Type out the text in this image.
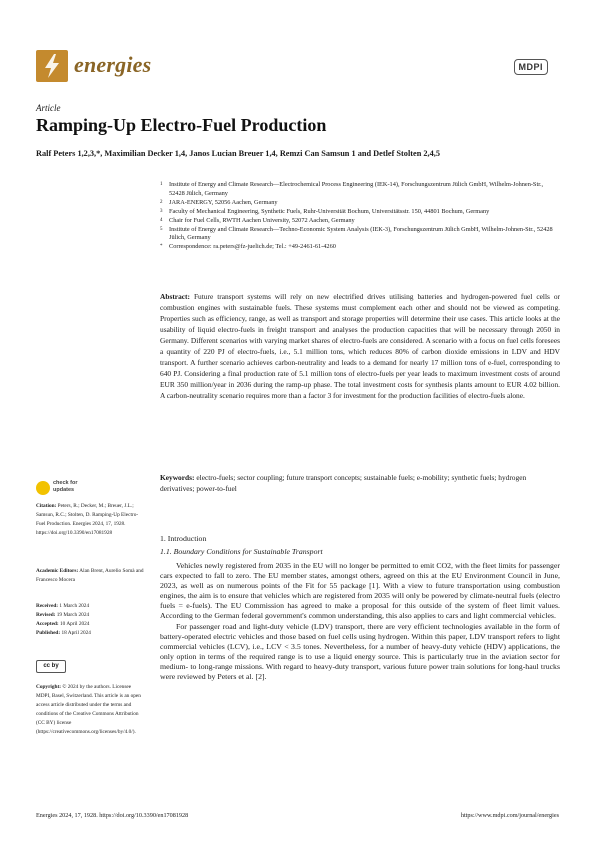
energies	MDPI
Article
Ramping-Up Electro-Fuel Production
Ralf Peters 1,2,3,*, Maximilian Decker 1,4, Janos Lucian Breuer 1,4, Remzi Can Samsun 1 and Detlef Stolten 2,4,5
1	Institute of Energy and Climate Research—Electrochemical Process Engineering (IEK-14), Forschungszentrum Jülich GmbH, Wilhelm-Johnen-Str., 52428 Jülich, Germany
2	JARA-ENERGY, 52056 Aachen, Germany
3	Faculty of Mechanical Engineering, Synthetic Fuels, Ruhr-Universität Bochum, Universitätsstr. 150, 44801 Bochum, Germany
4	Chair for Fuel Cells, RWTH Aachen University, 52072 Aachen, Germany
5	Institute of Energy and Climate Research—Techno-Economic System Analysis (IEK-3), Forschungszentrum Jülich GmbH, Wilhelm-Johnen-Str., 52428 Jülich, Germany
*	Correspondence: ra.peters@fz-juelich.de; Tel.: +49-2461-61-4260
Abstract: Future transport systems will rely on new electrified drives utilising batteries and hydrogen-powered fuel cells or combustion engines with sustainable fuels. These systems must complement each other and should not be viewed as competing. Properties such as efficiency, range, as well as transport and storage properties will determine their use cases. This article looks at the usability of liquid electro-fuels in freight transport and analyses the production capacities that will be necessary through 2050 in Germany. Different scenarios with varying market shares of electro-fuels are considered. A scenario with a focus on fuel cells foresees a quantity of 220 PJ of electro-fuels, i.e., 5.1 million tons, which reduces 80% of carbon dioxide emissions in LDV and HDV transport. A further scenario achieves carbon-neutrality and leads to a demand for nearly 17 million tons of e-fuel, corresponding to 640 PJ. Considering a final production rate of 5.1 million tons of electro-fuels per year leads to maximum investment costs of around EUR 350 million/year in 2036 during the ramp-up phase. The total investment costs for synthesis plants amount to EUR 4.02 billion. A carbon-neutrality scenario requires more than a factor 3 for investment for the production facilities of electro-fuels alone.
Keywords: electro-fuels; sector coupling; future transport concepts; sustainable fuels; e-mobility; synthetic fuels; hydrogen derivatives; power-to-fuel
check for
updates
Citation: Peters, R.; Decker, M.; Breuer, J.L.; Samsun, R.C.; Stolten, D. Ramping-Up Electro-Fuel Production. Energies 2024, 17, 1928. https://doi.org/10.3390/en17081928
Academic Editors: Alan Brent, Aurelio Somà and Francesco Mocera
Received: 1 March 2024
Revised: 19 March 2024
Accepted: 10 April 2024
Published: 18 April 2024
cc by
Copyright: © 2024 by the authors. Licensee MDPI, Basel, Switzerland. This article is an open access article distributed under the terms and conditions of the Creative Commons Attribution (CC BY) license (https://creativecommons.org/licenses/by/4.0/).
1. Introduction
1.1. Boundary Conditions for Sustainable Transport

Vehicles newly registered from 2035 in the EU will no longer be permitted to emit CO2, with the fleet limits for passenger cars expected to fall to zero. The EU member states, amongst others, agreed on this at the EU Environment Council in June, 2023, as well as on numerous points of the Fit for 55 package [1]. With a view to future transportation using combustion engines, the aim is to ensure that vehicles which are registered from 2035 will only be powered by climate-neutral fuels (electro fuels = e-fuels). The EU Commission has agreed to make a proposal for this outside of the system of fleet limit values. According to the German federal government's common understanding, this also applies to cars and light commercial vehicles.

For passenger road and light-duty vehicle (LDV) transport, there are very efficient technologies available in the form of battery-operated electric vehicles and those based on fuel cells using hydrogen. Within this paper, LDV transport refers to light commercial vehicles (LCV), i.e., LCV < 3.5 tones. Nevertheless, for a number of heavy-duty vehicle (HDV) applications, the only option in terms of the required range is to use a liquid energy source. This is particularly true in the aviation sector for medium- to long-range missions. With regard to heavy-duty transport, various future power train solutions for long-haul trucks were reviewed by Peters et al. [2].

Energies 2024, 17, 1928. https://doi.org/10.3390/en17081928	https://www.mdpi.com/journal/energies
